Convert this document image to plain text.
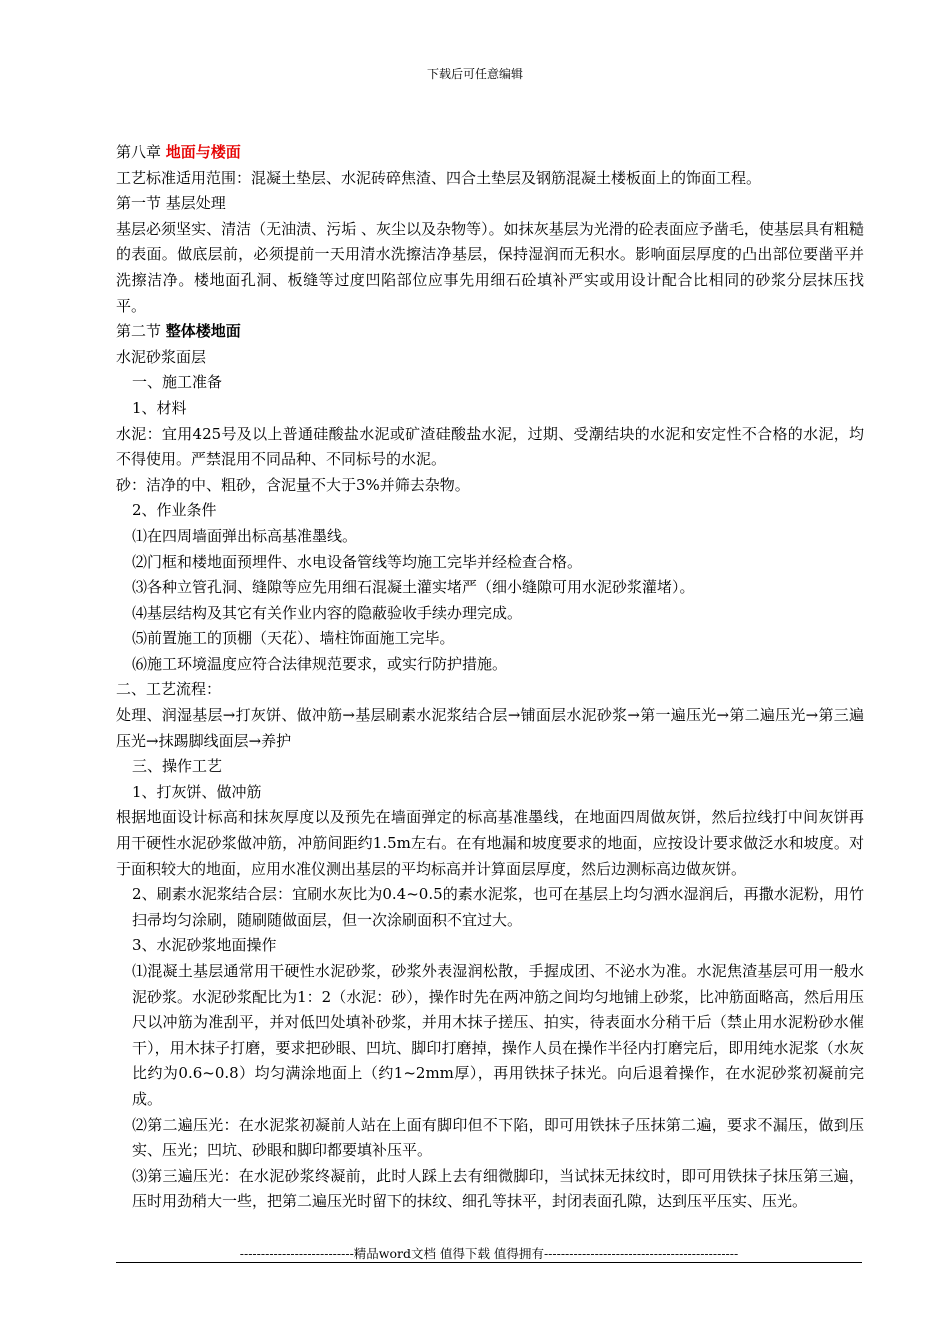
下载后可任意编辑

第八章 地面与楼面

工艺标准适用范围：混凝土垫层、水泥砖碎焦渣、四合土垫层及钢筋混凝土楼板面上的饰面工程。

第一节 基层处理

基层必须坚实、清洁（无油渍、污垢 、灰尘以及杂物等）。如抹灰基层为光滑的砼表面应予凿毛，使基层具有粗糙的表面。做底层前，必须提前一天用清水洗擦洁净基层，保持湿润而无积水。影响面层厚度的凸出部位要凿平并洗擦洁净。楼地面孔洞、板缝等过度凹陷部位应事先用细石砼填补严实或用设计配合比相同的砂浆分层抹压找平。

第二节 整体楼地面

水泥砂浆面层

一、施工准备

1、材料

水泥：宜用425号及以上普通硅酸盐水泥或矿渣硅酸盐水泥，过期、受潮结块的水泥和安定性不合格的水泥，均不得使用。严禁混用不同品种、不同标号的水泥。

砂：洁净的中、粗砂，含泥量不大于3%并筛去杂物。

2、作业条件

⑴在四周墙面弹出标高基准墨线。

⑵门框和楼地面预埋件、水电设备管线等均施工完毕并经检查合格。

⑶各种立管孔洞、缝隙等应先用细石混凝土灌实堵严（细小缝隙可用水泥砂浆灌堵）。

⑷基层结构及其它有关作业内容的隐蔽验收手续办理完成。

⑸前置施工的顶棚（天花）、墙柱饰面施工完毕。

⑹施工环境温度应符合法律规范要求，或实行防护措施。

二、工艺流程：

处理、润湿基层→打灰饼、做冲筋→基层刷素水泥浆结合层→铺面层水泥砂浆→第一遍压光→第二遍压光→第三遍压光→抹踢脚线面层→养护

三、操作工艺

1、打灰饼、做冲筋

根据地面设计标高和抹灰厚度以及预先在墙面弹定的标高基准墨线，在地面四周做灰饼，然后拉线打中间灰饼再用干硬性水泥砂浆做冲筋，冲筋间距约1.5m左右。在有地漏和坡度要求的地面，应按设计要求做泛水和坡度。对于面积较大的地面，应用水准仪测出基层的平均标高并计算面层厚度，然后边测标高边做灰饼。

2、刷素水泥浆结合层：宜刷水灰比为0.4~0.5的素水泥浆，也可在基层上均匀洒水湿润后，再撒水泥粉，用竹扫帚均匀涂刷，随刷随做面层，但一次涂刷面积不宜过大。

3、水泥砂浆地面操作

⑴混凝土基层通常用干硬性水泥砂浆，砂浆外表湿润松散，手握成团、不泌水为准。水泥焦渣基层可用一般水泥砂浆。水泥砂浆配比为1：2（水泥：砂），操作时先在两冲筋之间均匀地铺上砂浆，比冲筋面略高，然后用压尺以冲筋为准刮平，并对低凹处填补砂浆，并用木抹子搓压、拍实，待表面水分稍干后（禁止用水泥粉砂水催干），用木抹子打磨，要求把砂眼、凹坑、脚印打磨掉，操作人员在操作半径内打磨完后，即用纯水泥浆（水灰比约为0.6~0.8）均匀满涂地面上（约1~2mm厚），再用铁抹子抹光。向后退着操作，在水泥砂浆初凝前完成。

⑵第二遍压光：在水泥浆初凝前人站在上面有脚印但不下陷，即可用铁抹子压抹第二遍，要求不漏压，做到压实、压光；凹坑、砂眼和脚印都要填补压平。

⑶第三遍压光：在水泥砂浆终凝前，此时人踩上去有细微脚印，当试抹无抹纹时，即可用铁抹子抹压第三遍，压时用劲稍大一些，把第二遍压光时留下的抹纹、细孔等抹平，封闭表面孔隙，达到压平压实、压光。

---------------------------精品word文档 值得下载 值得拥有----------------------------------------------
